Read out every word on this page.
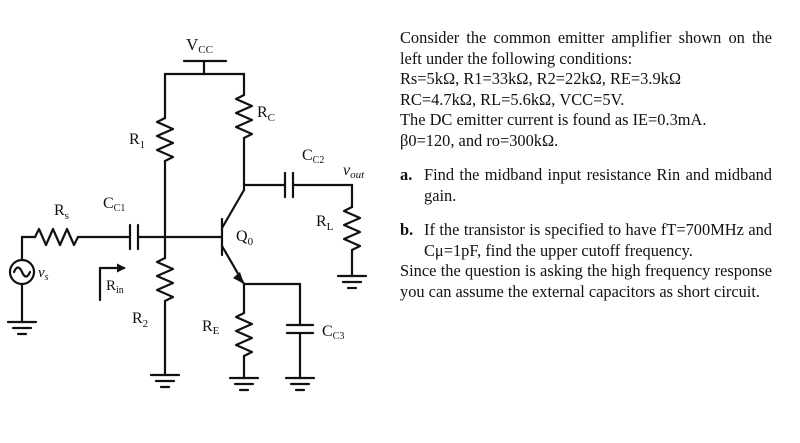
VCC
$R_1$
$R_C$
CC2
vout
$R_s$
CC1
$Q_0$
$R_L$
$v_s$
$R_{in}$
$R_2$	RE	CC3

Consider the common emitter amplifier shown on the left under the following conditions:

Rs=5kΩ, R1=33kΩ, R2=22kΩ, RE=3.9kΩ

RC=4.7kΩ, RL=5.6kΩ, VCC=5V.

The DC emitter current is found as IE=0.3mA.

β0=120, and ro=300kΩ.

a. Find the midband input resistance Rin and midband gain.
b. If the transistor is specified to have fT=700MHz and Cμ=1pF, find the upper cutoff frequency.

Since the question is asking the high frequency response you can assume the external capacitors as short circuit.
